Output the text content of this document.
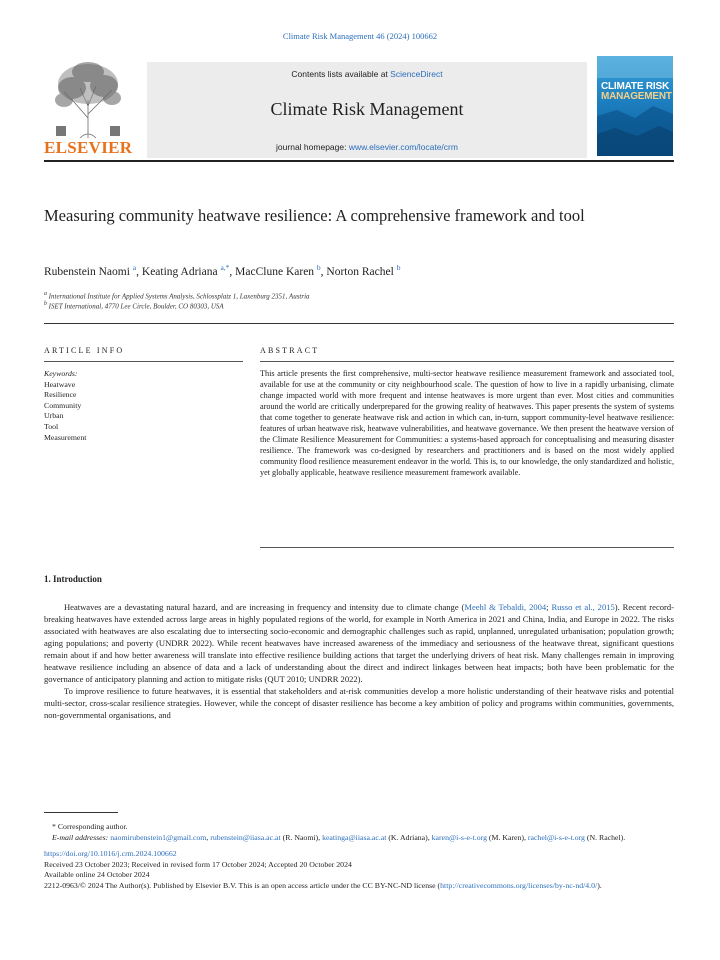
Climate Risk Management 46 (2024) 100662
ELSEVIER
Contents lists available at ScienceDirect
Climate Risk Management
journal homepage: www.elsevier.com/locate/crm
CLIMATE RISK
MANAGEMENT
Measuring community heatwave resilience: A comprehensive framework and tool
Rubenstein Naomi $^a$, Keating Adriana $^{a,*}$, MacClune Karen $^b$, Norton Rachel $^b$
$^a$ International Institute for Applied Systems Analysis, Schlossplatz 1, Laxenburg 2351, Austria
$^b$ ISET International, 4770 Lee Circle, Boulder, CO 80303, USA
ARTICLE INFO	ABSTRACT
Keywords:
Heatwave
Resilience
Community
Urban
Tool
Measurement
This article presents the first comprehensive, multi-sector heatwave resilience measurement framework and associated tool, available for use at the community or city neighbourhood scale. The question of how to live in a rapidly urbanising, climate change impacted world with more frequent and intense heatwaves is more urgent than ever. Most cities and communities around the world are critically underprepared for the growing reality of heatwaves. This paper presents the system of systems that come together to generate heatwave risk and action in which can, in-turn, support community-level heatwave resilience: features of urban heatwave risk, heatwave vulnerabilities, and heatwave governance. We then present the heatwave version of the Climate Resilience Measurement for Communities: a systems-based approach for conceptualising and measuring disaster resilience. The framework was co-designed by researchers and practitioners and is based on the most widely applied community flood resilience measurement endeavor in the world. This is, to our knowledge, the only standardized and holistic, yet globally applicable, heatwave resilience measurement framework available.
1. Introduction

Heatwaves are a devastating natural hazard, and are increasing in frequency and intensity due to climate change (Meehl & Tebaldi, 2004; Russo et al., 2015). Recent record-breaking heatwaves have extended across large areas in highly populated regions of the world, for example in North America in 2021 and China, India, and Europe in 2022. The risks associated with heatwaves are also escalating due to intersecting socio-economic and demographic challenges such as rapid, unplanned, unregulated urbanisation; population growth; aging populations; and poverty (UNDRR 2022). While recent heatwaves have increased awareness of the immediacy and seriousness of the heatwave threat, significant questions remain about if and how better awareness will translate into effective resilience building actions that target the underlying drivers of heat risk. Many challenges remain in improving heatwave resilience including an absence of data and a lack of understanding about the direct and indirect linkages between heat impacts; both have been problematic for the governance of anticipatory planning and action to mitigate risks (QUT 2010; UNDRR 2022).

To improve resilience to future heatwaves, it is essential that stakeholders and at-risk communities develop a more holistic understanding of their heatwave risks and potential multi-sector, cross-scalar resilience strategies. However, while the concept of disaster resilience has become a key ambition of policy and programs within communities, governments, non-governmental organisations, and

* Corresponding author.
E-mail addresses: naomirubenstein1@gmail.com, rubenstein@iiasa.ac.at (R. Naomi), keatinga@iiasa.ac.at (K. Adriana), karen@i-s-e-t.org (M. Karen), rachel@i-s-e-t.org (N. Rachel).
https://doi.org/10.1016/j.crm.2024.100662
Received 23 October 2023; Received in revised form 17 October 2024; Accepted 20 October 2024
Available online 24 October 2024
2212-0963/© 2024 The Author(s). Published by Elsevier B.V. This is an open access article under the CC BY-NC-ND license (http://creativecommons.org/licenses/by-nc-nd/4.0/).
